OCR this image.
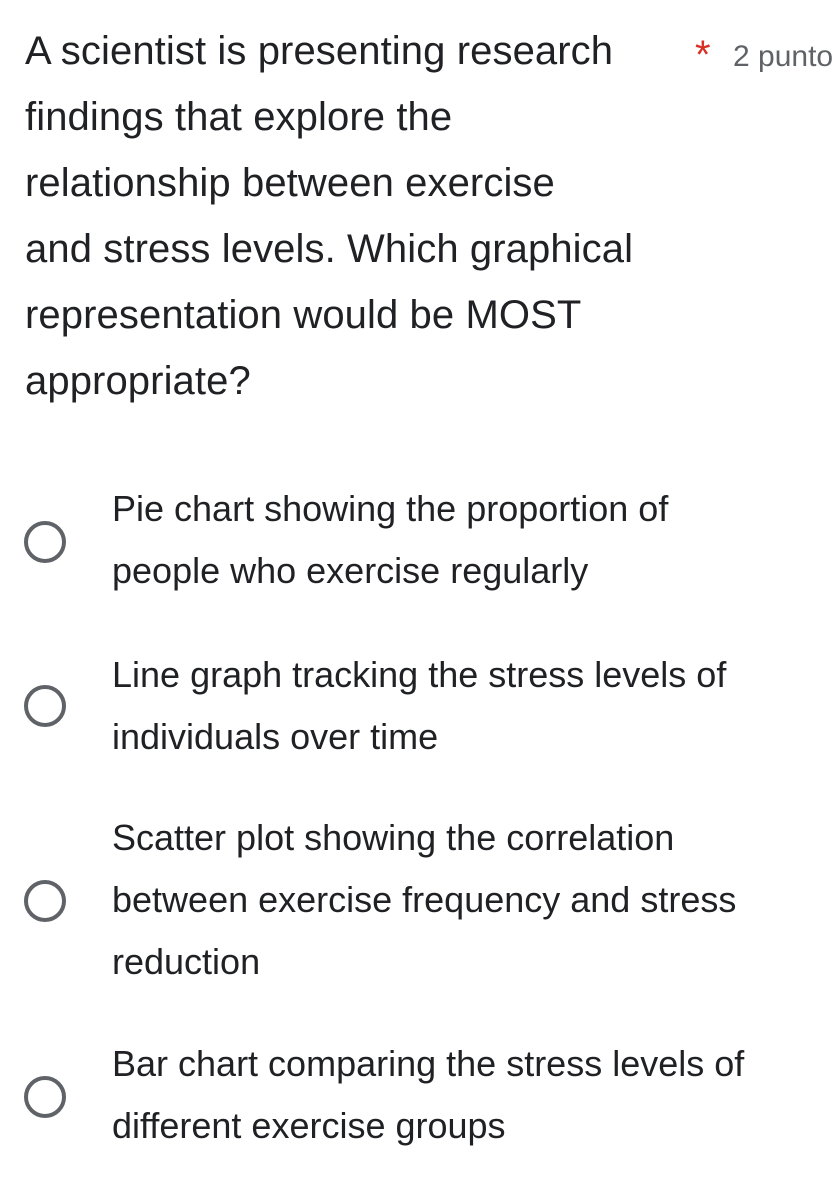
A scientist is presenting research
findings that explore the
relationship between exercise
and stress levels. Which graphical
representation would be MOST
appropriate?
* 2 punto
Pie chart showing the proportion of
people who exercise regularly
Line graph tracking the stress levels of
individuals over time
Scatter plot showing the correlation
between exercise frequency and stress
reduction
Bar chart comparing the stress levels of
different exercise groups
